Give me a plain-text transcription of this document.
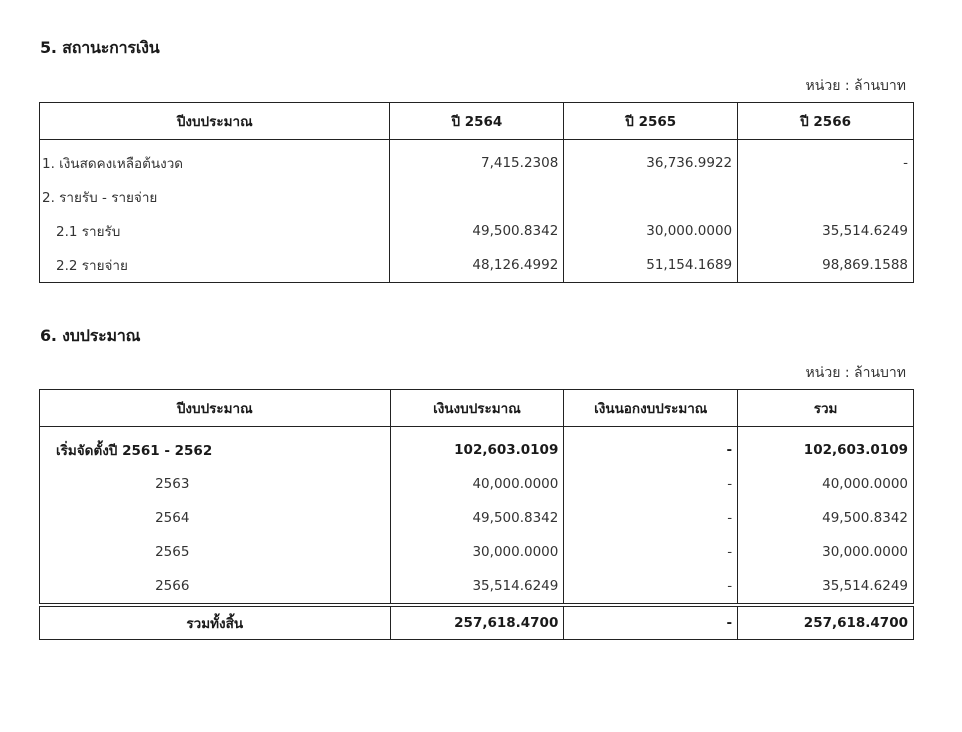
5. สถานะการเงิน
หน่วย : ล้านบาท
ปีงบประมาณ	ปี 2564	ปี 2565	ปี 2566
1. เงินสดคงเหลือต้นงวด	7,415.2308	36,736.9922	-
2. รายรับ - รายจ่าย			
2.1 รายรับ	49,500.8342	30,000.0000	35,514.6249
2.2 รายจ่าย	48,126.4992	51,154.1689	98,869.1588
6. งบประมาณ
หน่วย : ล้านบาท
ปีงบประมาณ	เงินงบประมาณ	เงินนอกงบประมาณ	รวม
เริ่มจัดตั้งปี 2561 - 2562	102,603.0109	-	102,603.0109
2563	40,000.0000	-	40,000.0000
2564	49,500.8342	-	49,500.8342
2565	30,000.0000	-	30,000.0000
2566	35,514.6249	-	35,514.6249
รวมทั้งสิ้น	257,618.4700	-	257,618.4700
